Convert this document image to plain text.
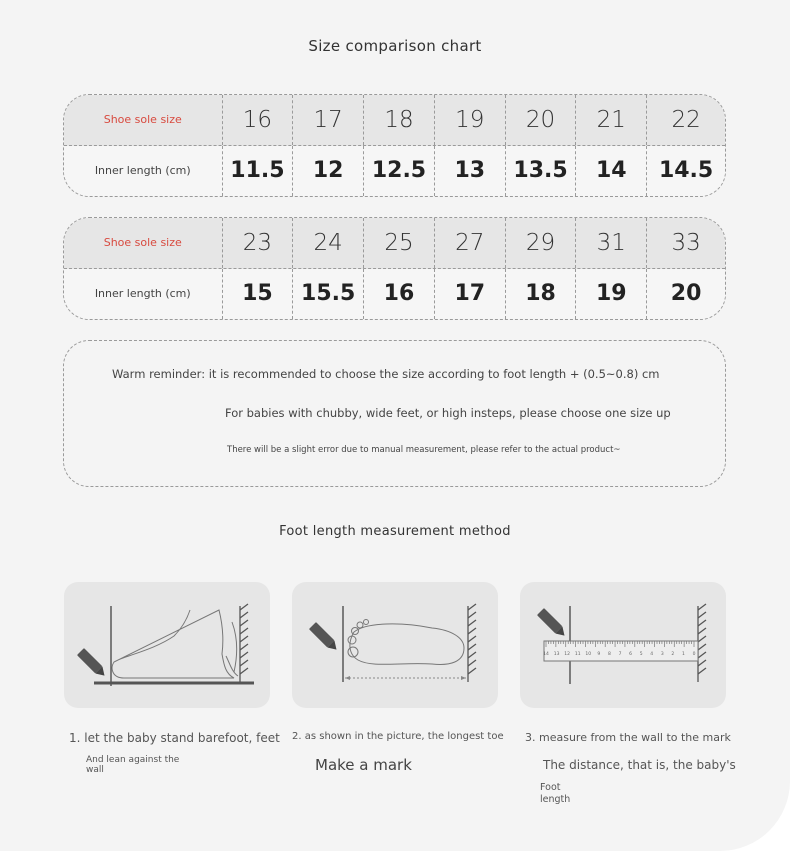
Size comparison chart
Shoe sole size	16	17	18	19	20	21	22
Inner length (cm)	11.5	12	12.5	13	13.5	14	14.5
Shoe sole size	23	24	25	27	29	31	33
Inner length (cm)	15	15.5	16	17	18	19	20
Warm reminder: it is recommended to choose the size according to foot length + (0.5~0.8) cm
For babies with chubby, wide feet, or high insteps, please choose one size up
There will be a slight error due to manual measurement, please refer to the actual product~
Foot length measurement method
14 13 12 11 10 9 8 7 6 5 4 3 2 1 0
1. let the baby stand barefoot, feet
And lean against the wall
2. as shown in the picture, the longest toe
Make a mark
3. measure from the wall to the mark
The distance, that is, the baby's
Foot length
